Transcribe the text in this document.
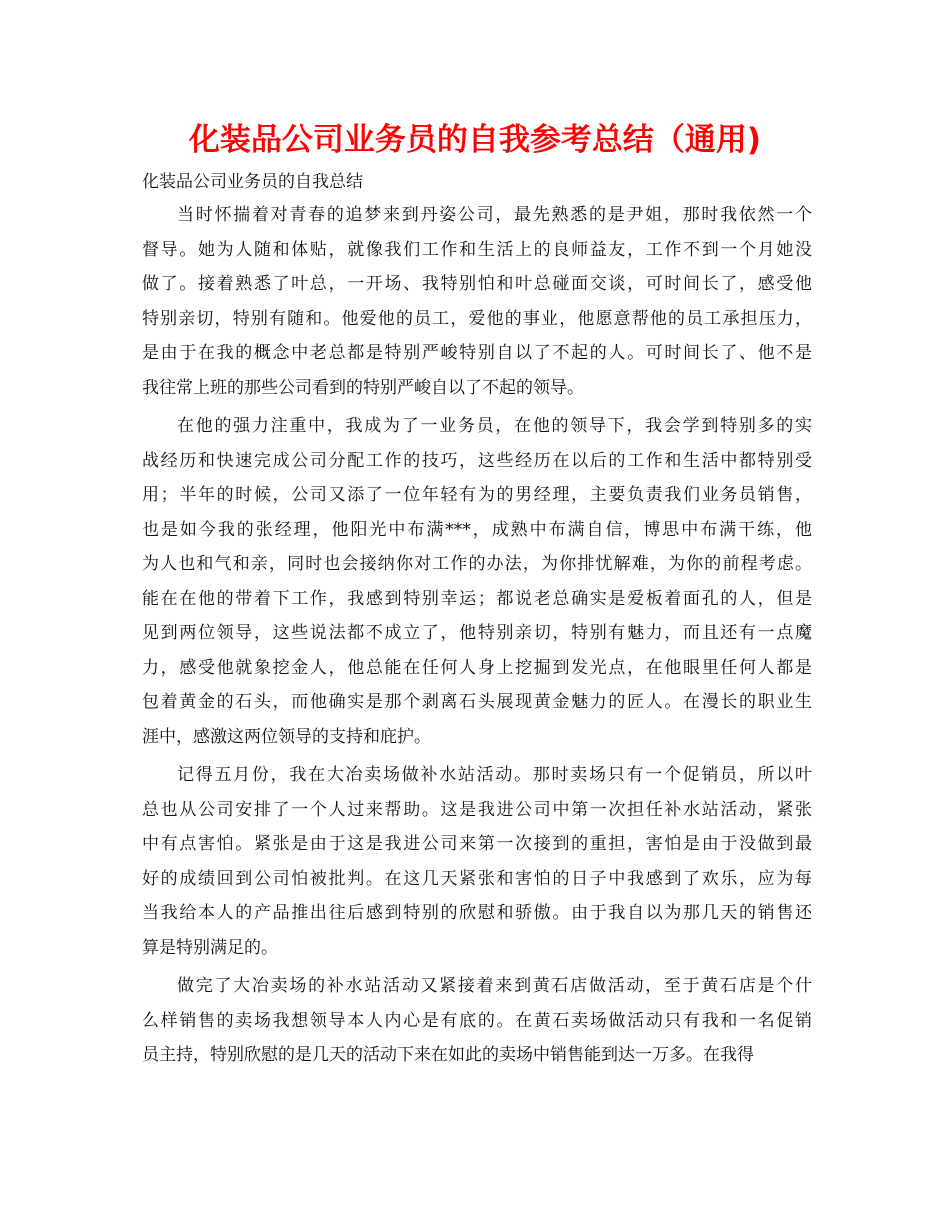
化装品公司业务员的自我参考总结（通用)
化装品公司业务员的自我总结
当时怀揣着对青春的追梦来到丹姿公司，最先熟悉的是尹姐，那时我依然一个
督导。她为人随和体贴，就像我们工作和生活上的良师益友，工作不到一个月她没
做了。接着熟悉了叶总，一开场、我特别怕和叶总碰面交谈，可时间长了，感受他
特别亲切，特别有随和。他爱他的员工，爱他的事业，他愿意帮他的员工承担压力，
是由于在我的概念中老总都是特别严峻特别自以了不起的人。可时间长了、他不是
我往常上班的那些公司看到的特别严峻自以了不起的领导。
在他的强力注重中，我成为了一业务员，在他的领导下，我会学到特别多的实
战经历和快速完成公司分配工作的技巧，这些经历在以后的工作和生活中都特别受
用；半年的时候，公司又添了一位年轻有为的男经理，主要负责我们业务员销售，
也是如今我的张经理，他阳光中布满***，成熟中布满自信，博思中布满干练，他
为人也和气和亲，同时也会接纳你对工作的办法，为你排忧解难，为你的前程考虑。
能在在他的带着下工作，我感到特别幸运；都说老总确实是爱板着面孔的人，但是
见到两位领导，这些说法都不成立了，他特别亲切，特别有魅力，而且还有一点魔
力，感受他就象挖金人，他总能在任何人身上挖掘到发光点，在他眼里任何人都是
包着黄金的石头，而他确实是那个剥离石头展现黄金魅力的匠人。在漫长的职业生
涯中，感激这两位领导的支持和庇护。
记得五月份，我在大冶卖场做补水站活动。那时卖场只有一个促销员，所以叶
总也从公司安排了一个人过来帮助。这是我进公司中第一次担任补水站活动，紧张
中有点害怕。紧张是由于这是我进公司来第一次接到的重担，害怕是由于没做到最
好的成绩回到公司怕被批判。在这几天紧张和害怕的日子中我感到了欢乐，应为每
当我给本人的产品推出往后感到特别的欣慰和骄傲。由于我自以为那几天的销售还
算是特别满足的。
做完了大冶卖场的补水站活动又紧接着来到黄石店做活动，至于黄石店是个什
么样销售的卖场我想领导本人内心是有底的。在黄石卖场做活动只有我和一名促销
员主持，特别欣慰的是几天的活动下来在如此的卖场中销售能到达一万多。在我得
